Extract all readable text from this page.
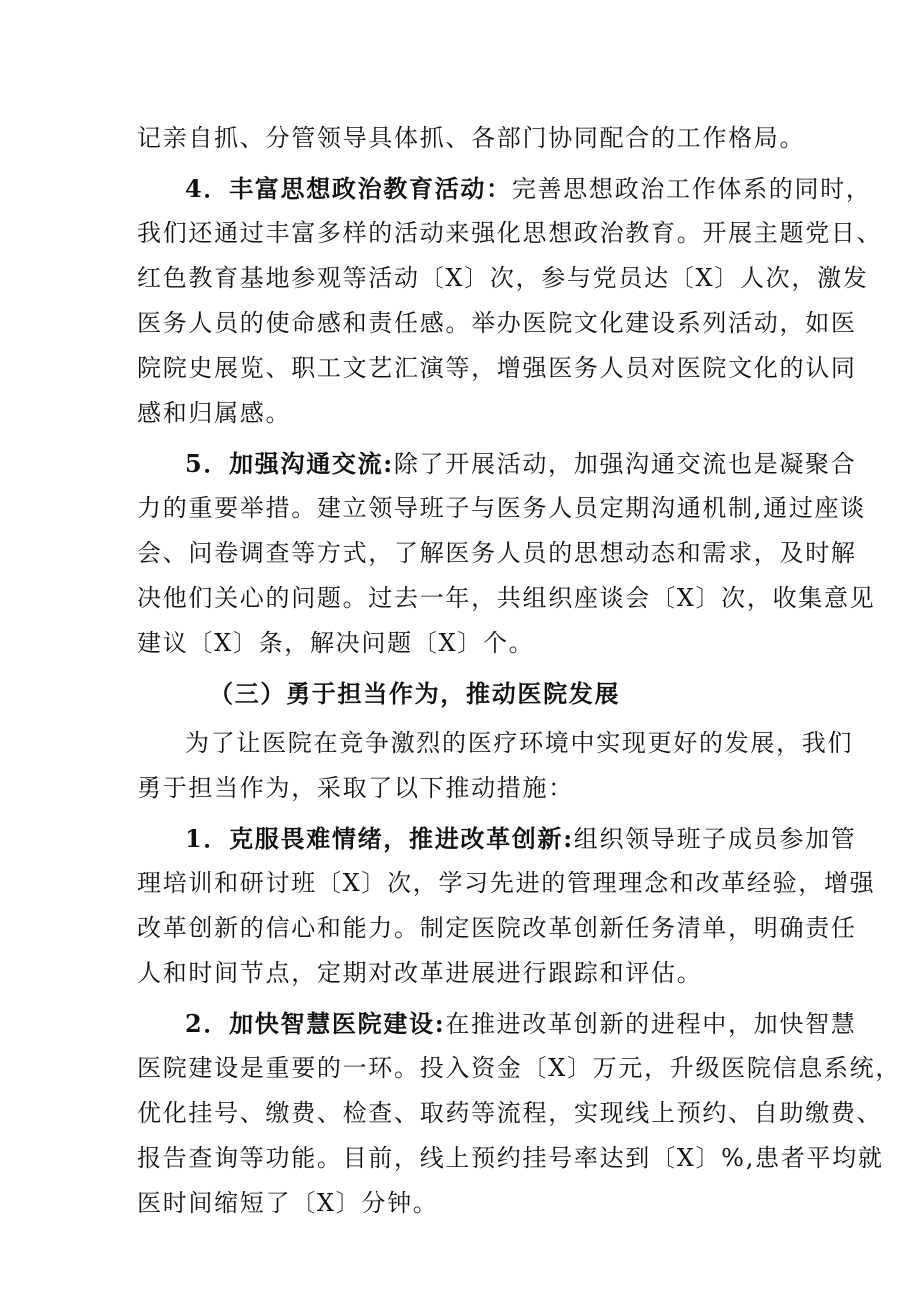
记亲自抓、分管领导具体抓、各部门协同配合的工作格局。
4．丰富思想政治教育活动：完善思想政治工作体系的同时，
我们还通过丰富多样的活动来强化思想政治教育。开展主题党日、
红色教育基地参观等活动〔X〕次，参与党员达〔X〕人次，激发
医务人员的使命感和责任感。举办医院文化建设系列活动，如医
院院史展览、职工文艺汇演等，增强医务人员对医院文化的认同
感和归属感。
5．加强沟通交流:除了开展活动，加强沟通交流也是凝聚合
力的重要举措。建立领导班子与医务人员定期沟通机制,通过座谈
会、问卷调查等方式，了解医务人员的思想动态和需求，及时解
决他们关心的问题。过去一年，共组织座谈会〔X〕次，收集意见
建议〔X〕条，解决问题〔X〕个。
（三）勇于担当作为，推动医院发展
为了让医院在竞争激烈的医疗环境中实现更好的发展，我们
勇于担当作为，采取了以下推动措施：
1．克服畏难情绪，推进改革创新:组织领导班子成员参加管
理培训和研讨班〔X〕次，学习先进的管理理念和改革经验，增强
改革创新的信心和能力。制定医院改革创新任务清单，明确责任
人和时间节点，定期对改革进展进行跟踪和评估。
2．加快智慧医院建设:在推进改革创新的进程中，加快智慧
医院建设是重要的一环。投入资金〔X〕万元，升级医院信息系统，
优化挂号、缴费、检查、取药等流程，实现线上预约、自助缴费、
报告查询等功能。目前，线上预约挂号率达到〔X〕%,患者平均就
医时间缩短了〔X〕分钟。
